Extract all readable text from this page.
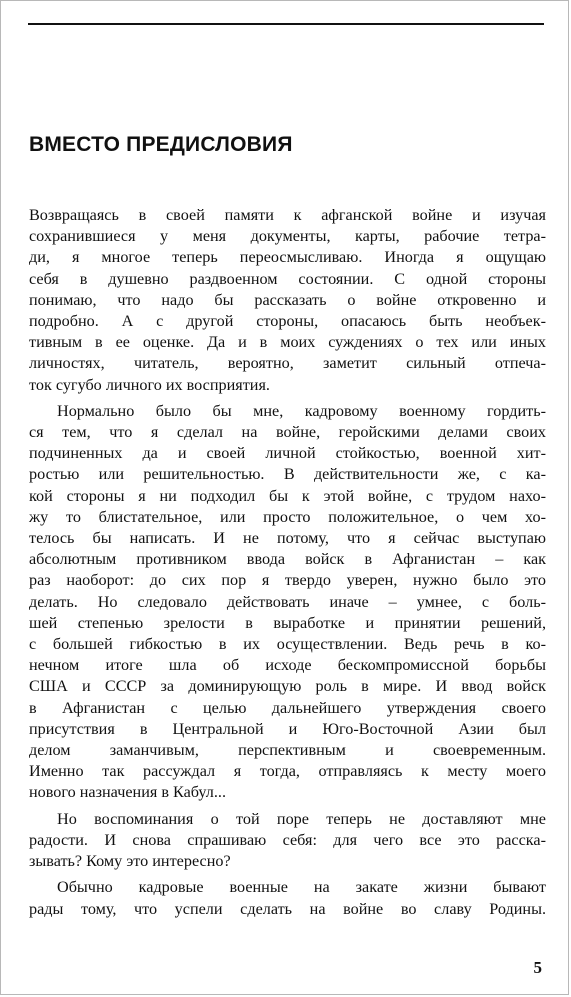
ВМЕСТО ПРЕДИСЛОВИЯ
Возвращаясь в своей памяти к афганской войне и изучая
сохранившиеся у меня документы, карты, рабочие тетра-
ди, я многое теперь переосмысливаю. Иногда я ощущаю
себя в душевно раздвоенном состоянии. С одной стороны
понимаю, что надо бы рассказать о войне откровенно и
подробно. А с другой стороны, опасаюсь быть необъек-
тивным в ее оценке. Да и в моих суждениях о тех или иных
личностях, читатель, вероятно, заметит сильный отпеча-
ток сугубо личного их восприятия.
Нормально было бы мне, кадровому военному гордить-
ся тем, что я сделал на войне, геройскими делами своих
подчиненных да и своей личной стойкостью, военной хит-
ростью или решительностью. В действительности же, с ка-
кой стороны я ни подходил бы к этой войне, с трудом нахо-
жу то блистательное, или просто положительное, о чем хо-
телось бы написать. И не потому, что я сейчас выступаю
абсолютным противником ввода войск в Афганистан – как
раз наоборот: до сих пор я твердо уверен, нужно было это
делать. Но следовало действовать иначе – умнее, с боль-
шей степенью зрелости в выработке и принятии решений,
с большей гибкостью в их осуществлении. Ведь речь в ко-
нечном итоге шла об исходе бескомпромиссной борьбы
США и СССР за доминирующую роль в мире. И ввод войск
в Афганистан с целью дальнейшего утверждения своего
присутствия в Центральной и Юго-Восточной Азии был
делом заманчивым, перспективным и своевременным.
Именно так рассуждал я тогда, отправляясь к месту моего
нового назначения в Кабул...
Но воспоминания о той поре теперь не доставляют мне
радости. И снова спрашиваю себя: для чего все это расска-
зывать? Кому это интересно?
Обычно кадровые военные на закате жизни бывают
рады тому, что успели сделать на войне во славу Родины.
5
